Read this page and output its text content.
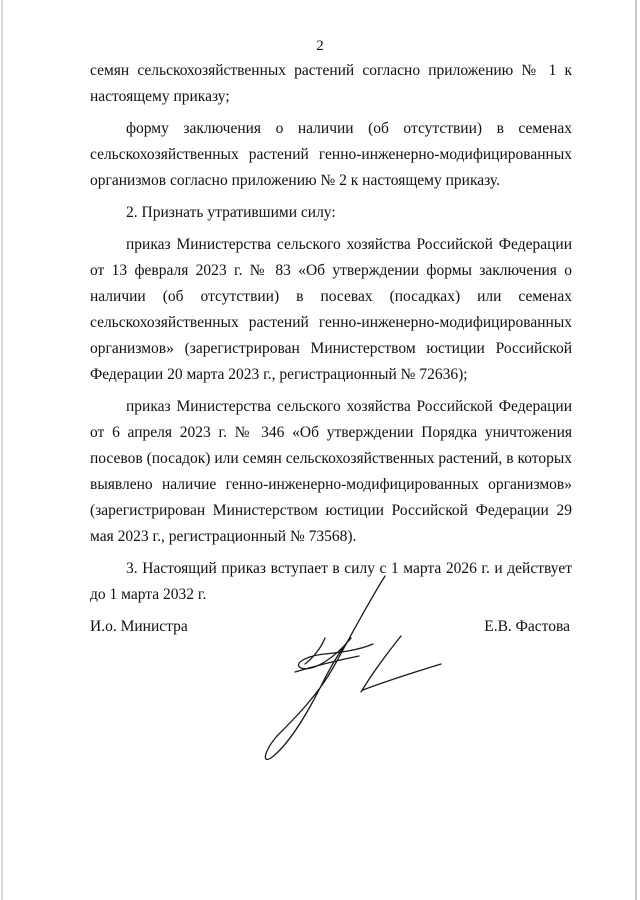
2

семян сельскохозяйственных растений согласно приложению № 1 к настоящему приказу;

форму заключения о наличии (об отсутствии) в семенах сельскохозяйственных растений генно-инженерно-модифицированных организмов согласно приложению № 2 к настоящему приказу.

2. Признать утратившими силу:

приказ Министерства сельского хозяйства Российской Федерации от 13 февраля 2023 г. № 83 «Об утверждении формы заключения о наличии (об отсутствии) в посевах (посадках) или семенах сельскохозяйственных растений генно-инженерно-модифицированных организмов» (зарегистрирован Министерством юстиции Российской Федерации 20 марта 2023 г., регистрационный № 72636);

приказ Министерства сельского хозяйства Российской Федерации от 6 апреля 2023 г. № 346 «Об утверждении Порядка уничтожения посевов (посадок) или семян сельскохозяйственных растений, в которых выявлено наличие генно-инженерно-модифицированных организмов» (зарегистрирован Министерством юстиции Российской Федерации 29 мая 2023 г., регистрационный № 73568).

3. Настоящий приказ вступает в силу с 1 марта 2026 г. и действует до 1 марта 2032 г.

И.о. Министра	Е.В. Фастова
